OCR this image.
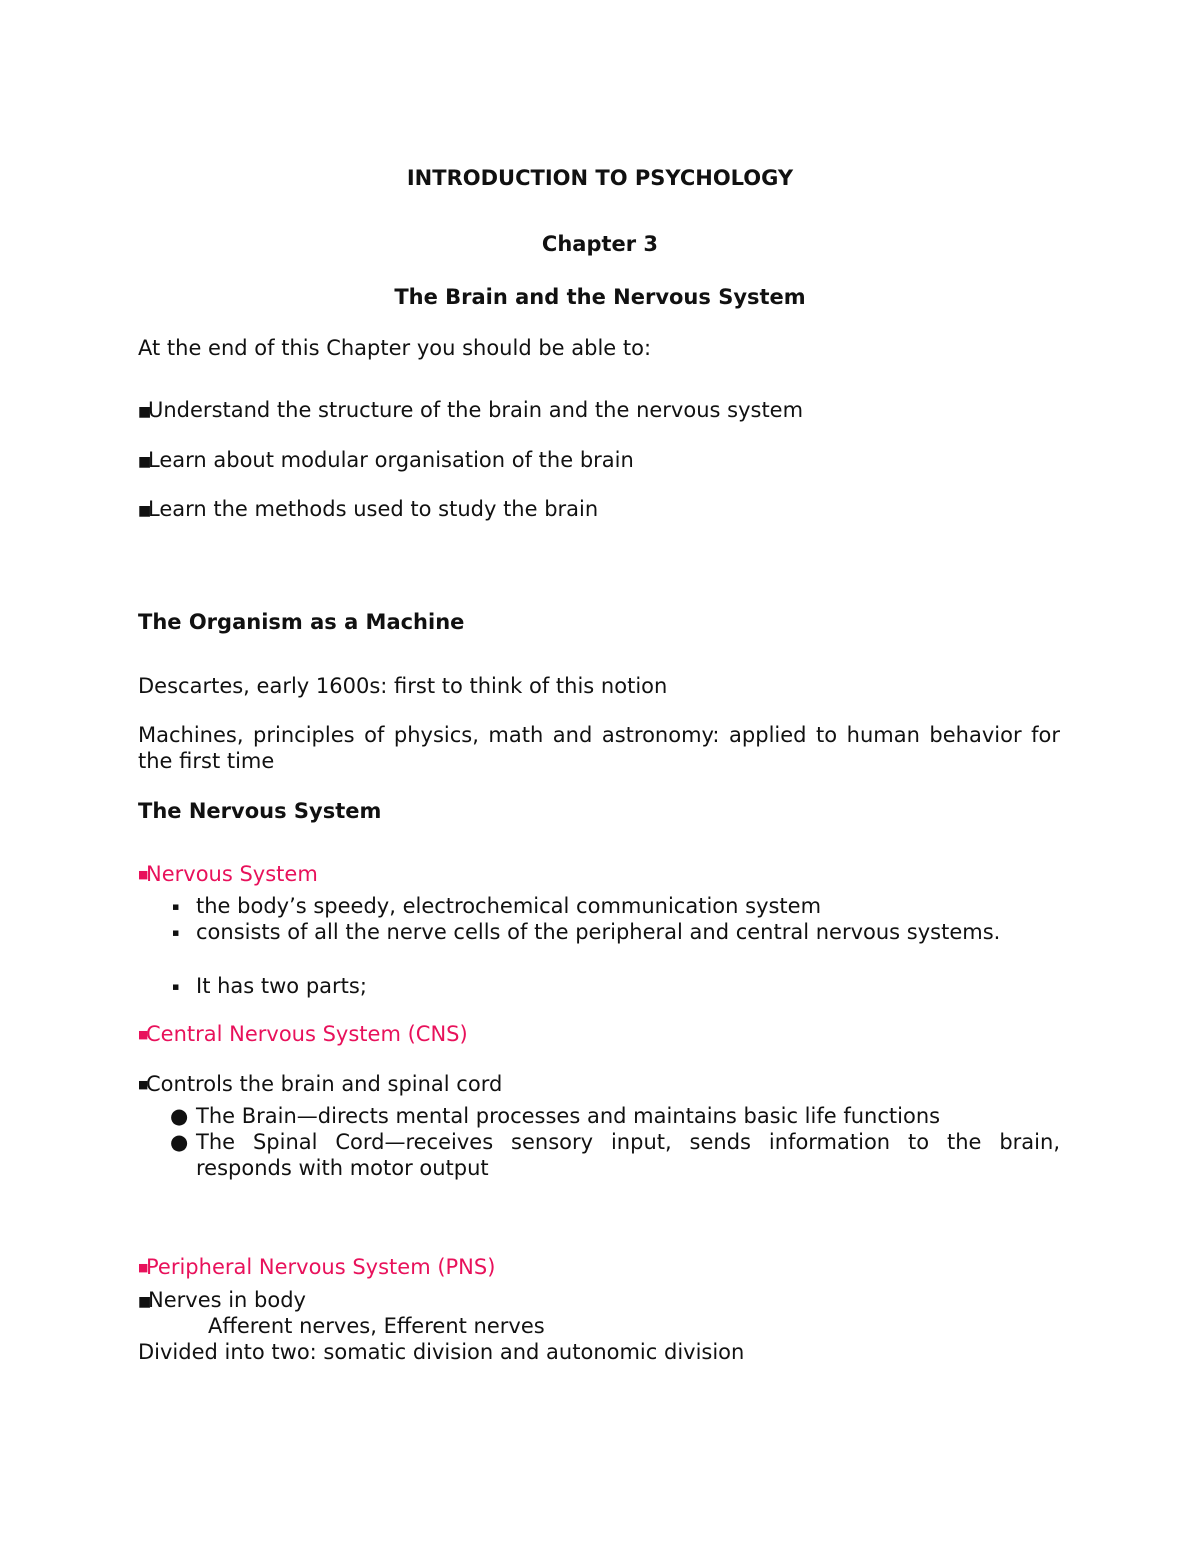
INTRODUCTION TO PSYCHOLOGY
Chapter 3
The Brain and the Nervous System
At the end of this Chapter you should be able to:
■Understand the structure of the brain and the nervous system
■Learn about modular organisation of the brain
■Learn the methods used to study the brain
The Organism as a Machine
Descartes, early 1600s: first to think of this notion
Machines, principles of physics, math and astronomy: applied to human behavior for the first time
The Nervous System
■Nervous System
▪ the body’s speedy, electrochemical communication system
▪ consists of all the nerve cells of the peripheral and central nervous systems.
▪ It has two parts;
■Central Nervous System (CNS)
■Controls the brain and spinal cord
● The Brain—directs mental processes and maintains basic life functions
● The Spinal Cord—receives sensory input, sends information to the brain, responds with motor output
■Peripheral Nervous System (PNS)
■Nerves in body
Afferent nerves, Efferent nerves
Divided into two: somatic division and autonomic division
